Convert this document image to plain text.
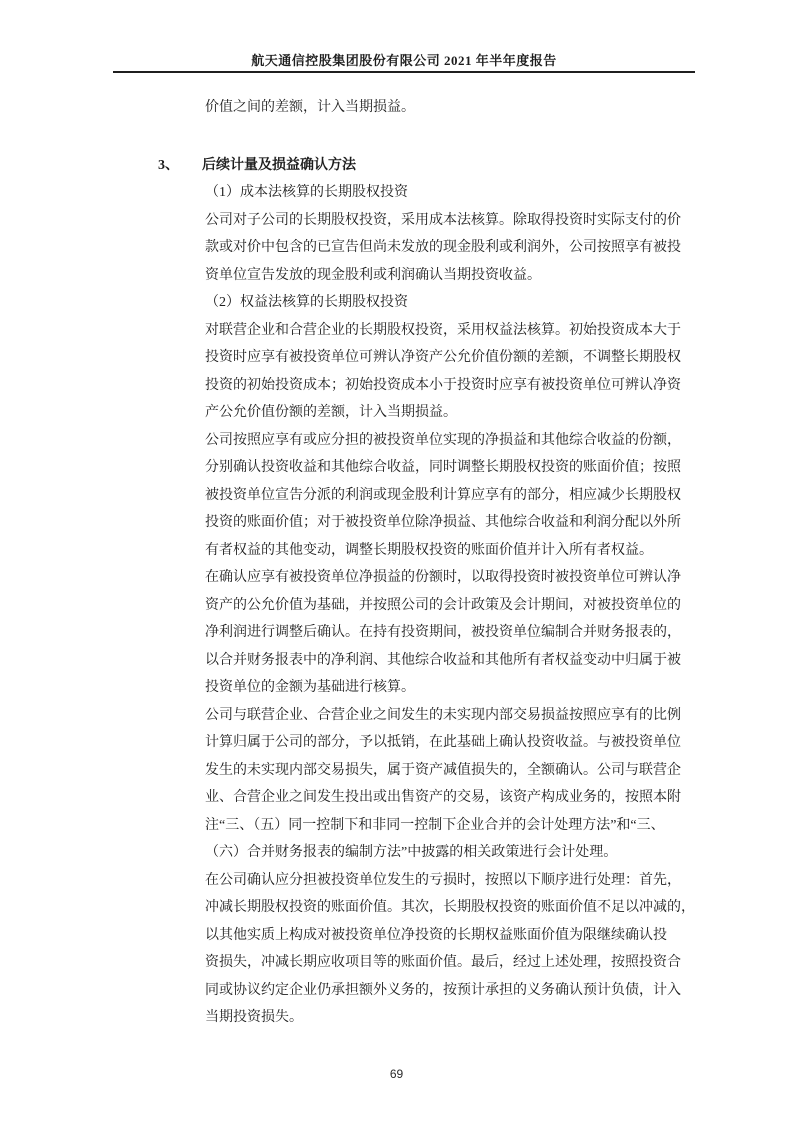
航天通信控股集团股份有限公司 2021 年半年度报告
价值之间的差额，计入当期损益。
3、 后续计量及损益确认方法
（1）成本法核算的长期股权投资
公司对子公司的长期股权投资，采用成本法核算。除取得投资时实际支付的价
款或对价中包含的已宣告但尚未发放的现金股利或利润外，公司按照享有被投
资单位宣告发放的现金股利或利润确认当期投资收益。
（2）权益法核算的长期股权投资
对联营企业和合营企业的长期股权投资，采用权益法核算。初始投资成本大于
投资时应享有被投资单位可辨认净资产公允价值份额的差额，不调整长期股权
投资的初始投资成本；初始投资成本小于投资时应享有被投资单位可辨认净资
产公允价值份额的差额，计入当期损益。
公司按照应享有或应分担的被投资单位实现的净损益和其他综合收益的份额，
分别确认投资收益和其他综合收益，同时调整长期股权投资的账面价值；按照
被投资单位宣告分派的利润或现金股利计算应享有的部分，相应减少长期股权
投资的账面价值；对于被投资单位除净损益、其他综合收益和利润分配以外所
有者权益的其他变动，调整长期股权投资的账面价值并计入所有者权益。
在确认应享有被投资单位净损益的份额时，以取得投资时被投资单位可辨认净
资产的公允价值为基础，并按照公司的会计政策及会计期间，对被投资单位的
净利润进行调整后确认。在持有投资期间，被投资单位编制合并财务报表的，
以合并财务报表中的净利润、其他综合收益和其他所有者权益变动中归属于被
投资单位的金额为基础进行核算。
公司与联营企业、合营企业之间发生的未实现内部交易损益按照应享有的比例
计算归属于公司的部分，予以抵销，在此基础上确认投资收益。与被投资单位
发生的未实现内部交易损失，属于资产减值损失的，全额确认。公司与联营企
业、合营企业之间发生投出或出售资产的交易，该资产构成业务的，按照本附
注“三、（五）同一控制下和非同一控制下企业合并的会计处理方法”和“三、
（六）合并财务报表的编制方法”中披露的相关政策进行会计处理。
在公司确认应分担被投资单位发生的亏损时，按照以下顺序进行处理：首先，
冲减长期股权投资的账面价值。其次，长期股权投资的账面价值不足以冲减的，
以其他实质上构成对被投资单位净投资的长期权益账面价值为限继续确认投
资损失，冲减长期应收项目等的账面价值。最后，经过上述处理，按照投资合
同或协议约定企业仍承担额外义务的，按预计承担的义务确认预计负债，计入
当期投资损失。
69
